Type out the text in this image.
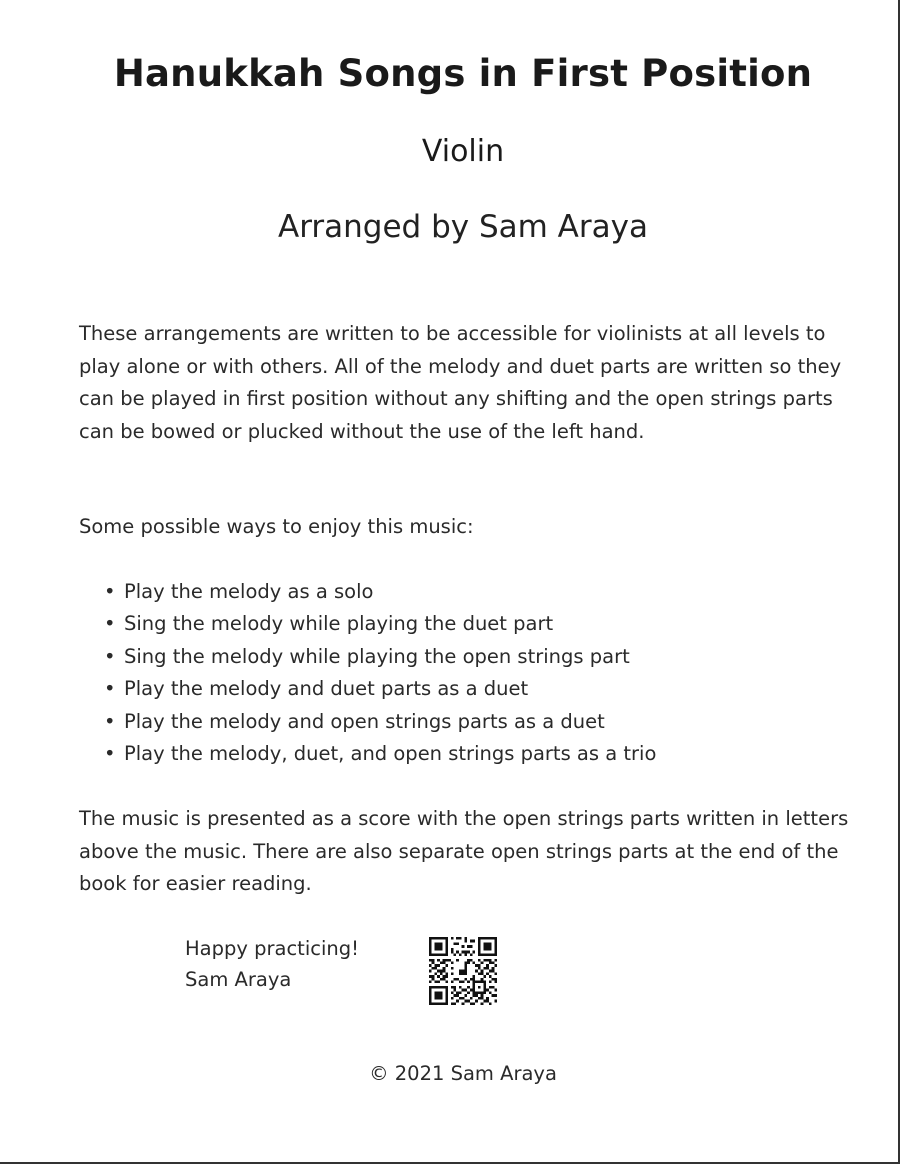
Hanukkah Songs in First Position
Violin

Arranged by Sam Araya

These arrangements are written to be accessible for violinists at all levels to play alone or with others. All of the melody and duet parts are written so they can be played in first position without any shifting and the open strings parts can be bowed or plucked without the use of the left hand.

Some possible ways to enjoy this music:

• Play the melody as a solo
• Sing the melody while playing the duet part
• Sing the melody while playing the open strings part
• Play the melody and duet parts as a duet
• Play the melody and open strings parts as a duet
• Play the melody, duet, and open strings parts as a trio

The music is presented as a score with the open strings parts written in letters above the music. There are also separate open strings parts at the end of the book for easier reading.

Happy practicing!
Sam Araya
© 2021 Sam Araya
